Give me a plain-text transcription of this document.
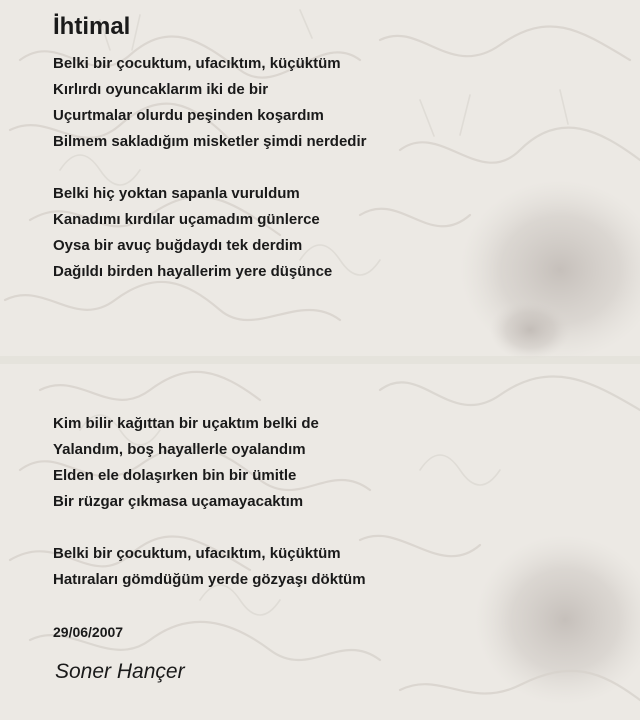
İhtimal
Belki bir çocuktum, ufacıktım, küçüktüm
Kırlırdı oyuncaklarım iki de bir
Uçurtmalar olurdu peşinden koşardım
Bilmem sakladığım misketler şimdi nerdedir
Belki hiç yoktan sapanla vuruldum
Kanadımı kırdılar uçamadım günlerce
Oysa bir avuç buğdaydı tek derdim
Dağıldı birden hayallerim yere düşünce
Kim bilir kağıttan bir uçaktım belki de
Yalandım, boş hayallerle oyalandım
Elden ele dolaşırken bin bir ümitle
Bir rüzgar çıkmasa uçamayacaktım
Belki bir çocuktum, ufacıktım, küçüktüm
Hatıraları gömdüğüm yerde gözyaşı döktüm
29/06/2007
Soner Hançer
